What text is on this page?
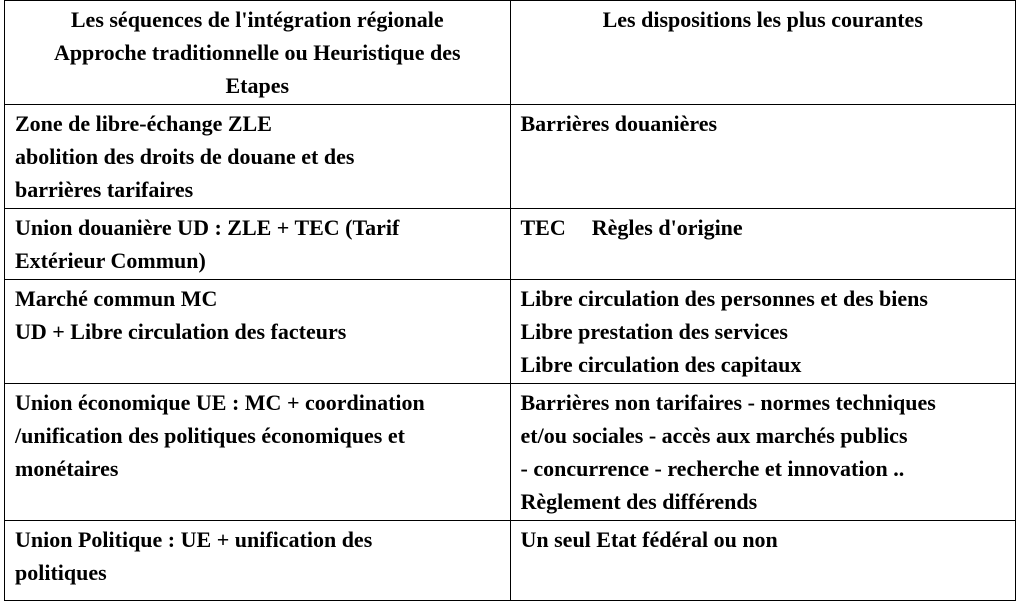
Les séquences de l'intégration régionale
Approche traditionnelle ou Heuristique des
Etapes	Les dispositions les plus courantes

Zone de libre-échange ZLE
abolition des droits de douane et des
barrières tarifaires	Barrières douanières

Union douanière UD : ZLE + TEC (Tarif
Extérieur Commun)	TEC Règles d'origine

Marché commun MC
UD + Libre circulation des facteurs	Libre circulation des personnes et des biens
Libre prestation des services
Libre circulation des capitaux

Union économique UE : MC + coordination
/unification des politiques économiques et
monétaires	Barrières non tarifaires - normes techniques
et/ou sociales - accès aux marchés publics
- concurrence - recherche et innovation ..
Règlement des différends

Union Politique : UE + unification des
politiques	Un seul Etat fédéral ou non
